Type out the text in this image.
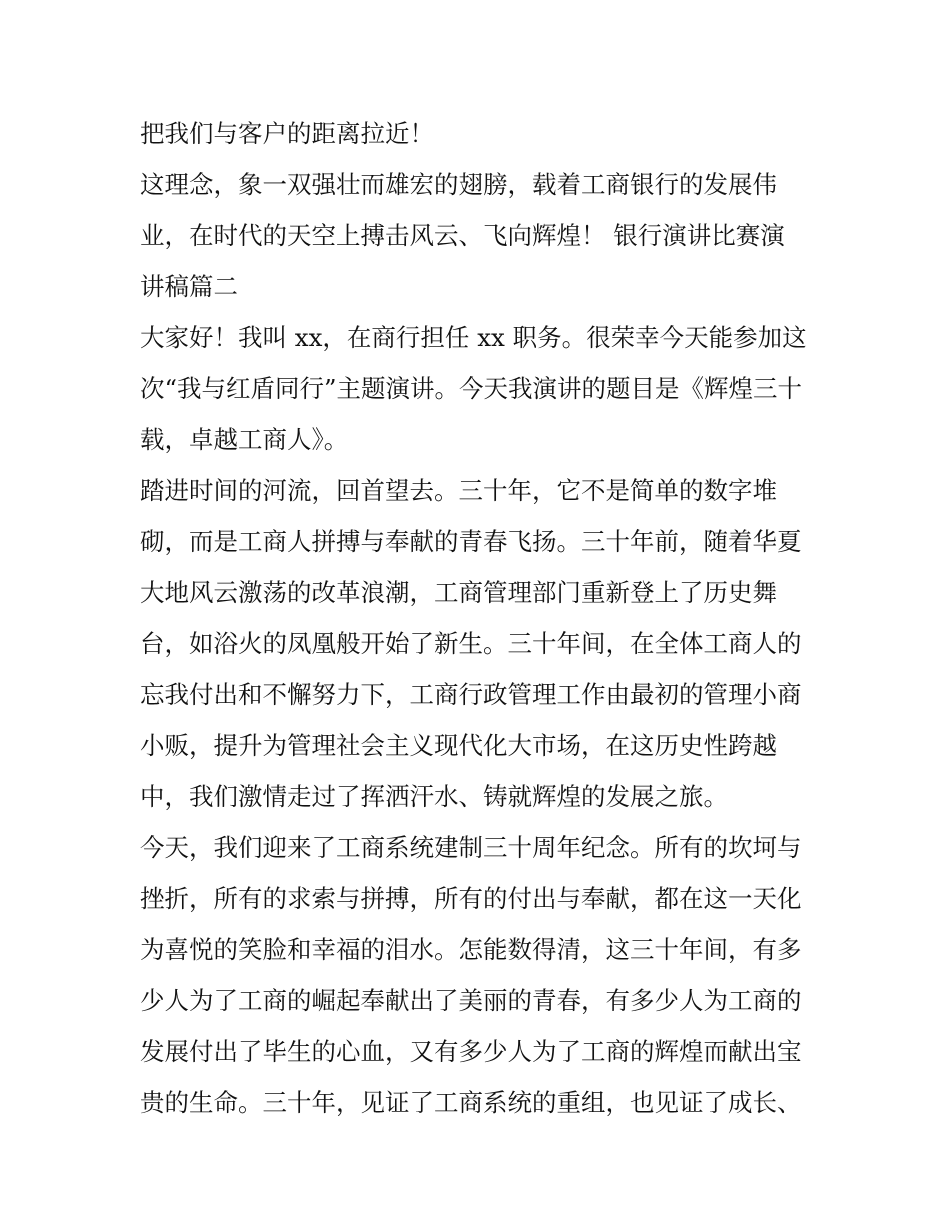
把我们与客户的距离拉近！
这理念，象一双强壮而雄宏的翅膀，载着工商银行的发展伟
业，在时代的天空上搏击风云、飞向辉煌！ 银行演讲比赛演
讲稿篇二
大家好！我叫 xx，在商行担任 xx 职务。很荣幸今天能参加这
次“我与红盾同行”主题演讲。今天我演讲的题目是《辉煌三十
载，卓越工商人》。
踏进时间的河流，回首望去。三十年，它不是简单的数字堆
砌，而是工商人拼搏与奉献的青春飞扬。三十年前，随着华夏
大地风云激荡的改革浪潮，工商管理部门重新登上了历史舞
台，如浴火的凤凰般开始了新生。三十年间，在全体工商人的
忘我付出和不懈努力下，工商行政管理工作由最初的管理小商
小贩，提升为管理社会主义现代化大市场，在这历史性跨越
中，我们激情走过了挥洒汗水、铸就辉煌的发展之旅。
今天，我们迎来了工商系统建制三十周年纪念。所有的坎坷与
挫折，所有的求索与拼搏，所有的付出与奉献，都在这一天化
为喜悦的笑脸和幸福的泪水。怎能数得清，这三十年间，有多
少人为了工商的崛起奉献出了美丽的青春，有多少人为工商的
发展付出了毕生的心血，又有多少人为了工商的辉煌而献出宝
贵的生命。三十年，见证了工商系统的重组，也见证了成长、
